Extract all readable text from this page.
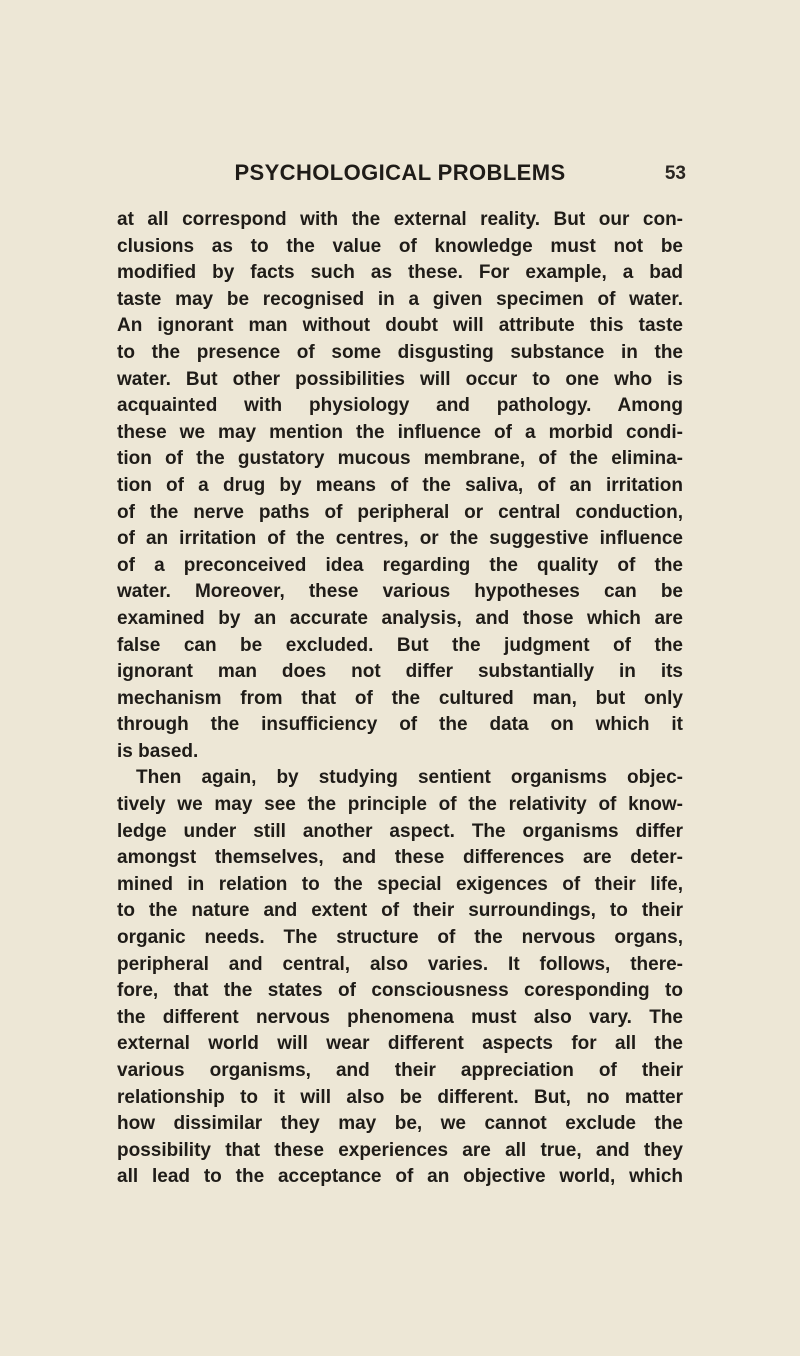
PSYCHOLOGICAL PROBLEMS	53
at all correspond with the external reality. But our con-
clusions as to the value of knowledge must not be
modified by facts such as these. For example, a bad
taste may be recognised in a given specimen of water.
An ignorant man without doubt will attribute this taste
to the presence of some disgusting substance in the
water. But other possibilities will occur to one who is
acquainted with physiology and pathology. Among
these we may mention the influence of a morbid condi-
tion of the gustatory mucous membrane, of the elimina-
tion of a drug by means of the saliva, of an irritation
of the nerve paths of peripheral or central conduction,
of an irritation of the centres, or the suggestive influence
of a preconceived idea regarding the quality of the
water. Moreover, these various hypotheses can be
examined by an accurate analysis, and those which are
false can be excluded. But the judgment of the
ignorant man does not differ substantially in its
mechanism from that of the cultured man, but only
through the insufficiency of the data on which it
is based.
Then again, by studying sentient organisms objec-
tively we may see the principle of the relativity of know-
ledge under still another aspect. The organisms differ
amongst themselves, and these differences are deter-
mined in relation to the special exigences of their life,
to the nature and extent of their surroundings, to their
organic needs. The structure of the nervous organs,
peripheral and central, also varies. It follows, there-
fore, that the states of consciousness coresponding to
the different nervous phenomena must also vary. The
external world will wear different aspects for all the
various organisms, and their appreciation of their
relationship to it will also be different. But, no matter
how dissimilar they may be, we cannot exclude the
possibility that these experiences are all true, and they
all lead to the acceptance of an objective world, which
